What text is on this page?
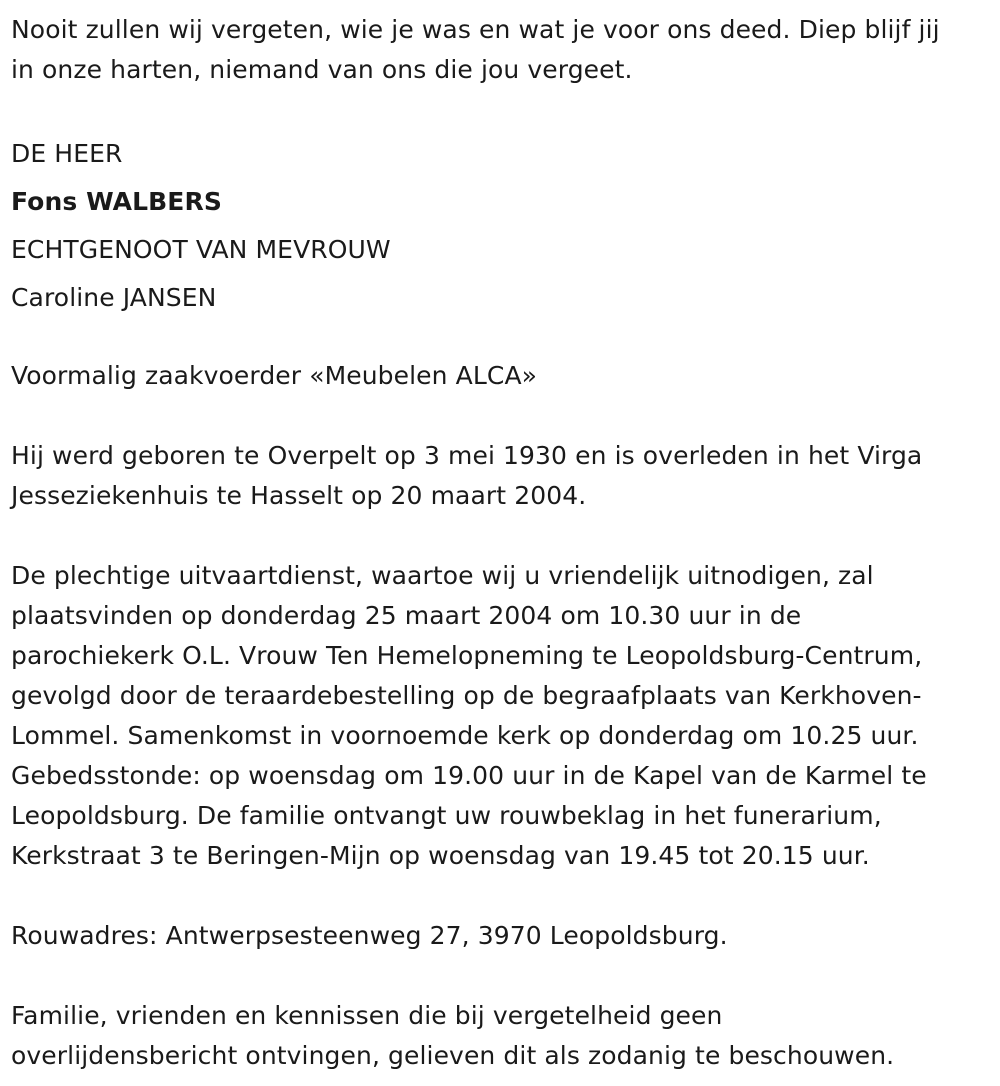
Nooit zullen wij vergeten, wie je was en wat je voor ons deed. Diep blijf jij
in onze harten, niemand van ons die jou vergeet.
DE HEER
Fons WALBERS
ECHTGENOOT VAN MEVROUW
Caroline JANSEN
Voormalig zaakvoerder «Meubelen ALCA»
Hij werd geboren te Overpelt op 3 mei 1930 en is overleden in het Virga
Jesseziekenhuis te Hasselt op 20 maart 2004.
De plechtige uitvaartdienst, waartoe wij u vriendelijk uitnodigen, zal
plaatsvinden op donderdag 25 maart 2004 om 10.30 uur in de
parochiekerk O.L. Vrouw Ten Hemelopneming te Leopoldsburg-Centrum,
gevolgd door de teraardebestelling op de begraafplaats van Kerkhoven-
Lommel. Samenkomst in voornoemde kerk op donderdag om 10.25 uur.
Gebedsstonde: op woensdag om 19.00 uur in de Kapel van de Karmel te
Leopoldsburg. De familie ontvangt uw rouwbeklag in het funerarium,
Kerkstraat 3 te Beringen-Mijn op woensdag van 19.45 tot 20.15 uur.
Rouwadres: Antwerpsesteenweg 27, 3970 Leopoldsburg.
Familie, vrienden en kennissen die bij vergetelheid geen
overlijdensbericht ontvingen, gelieven dit als zodanig te beschouwen.
